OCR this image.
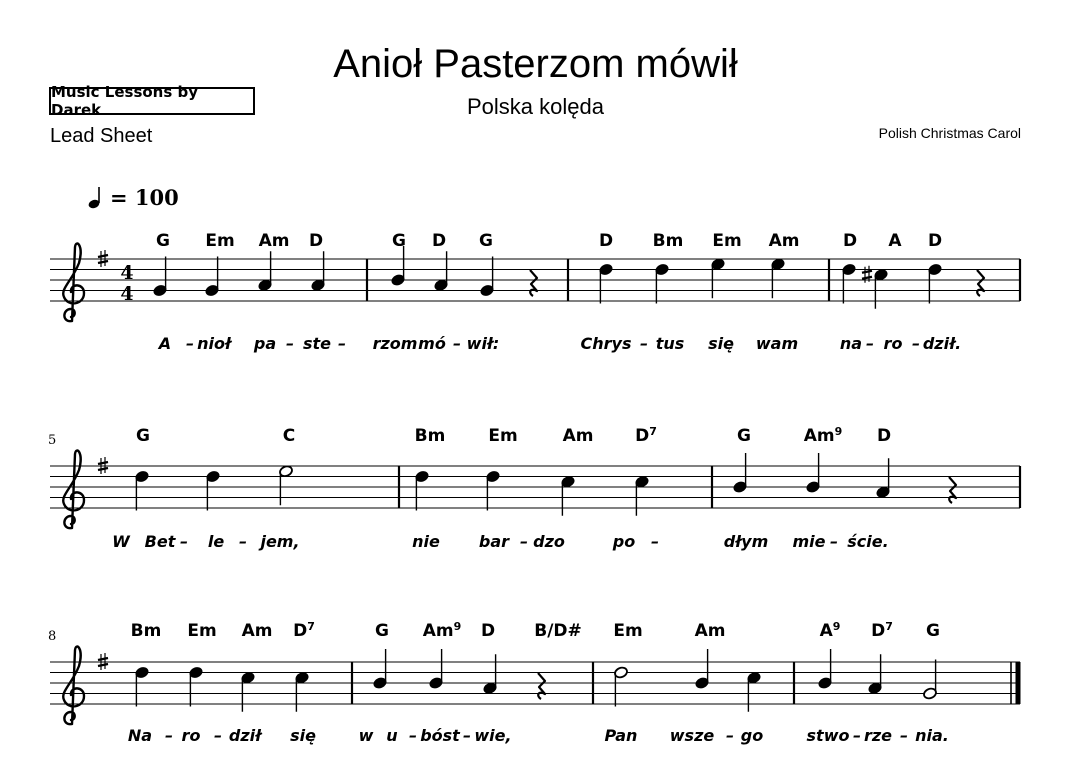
Anioł Pasterzom mówił
Polska kolęda
Music Lessons by Darek
Lead Sheet	Polish Christmas Carol
= 100
4
4
G Em Am D
A – nioł pa – ste –
G D G
rzom mó – wił:
D Bm Em Am
Chrys – tus się wam
D A D
na – ro – dził.
5	G	C
W Bet – le – jem,
Bm	Em	Am $D^7$
nie bar – dzo	po –
G	Am$^9$ D
dłym mie – ście.
8	Bm Em Am $D^7$
Na – ro – dził się
G Am$^9$ D
w u – bóst – wie,
B/D# Em	Am
Pan wsze – go
$A^9$ $D^7$ G
stwo – rze – nia.
